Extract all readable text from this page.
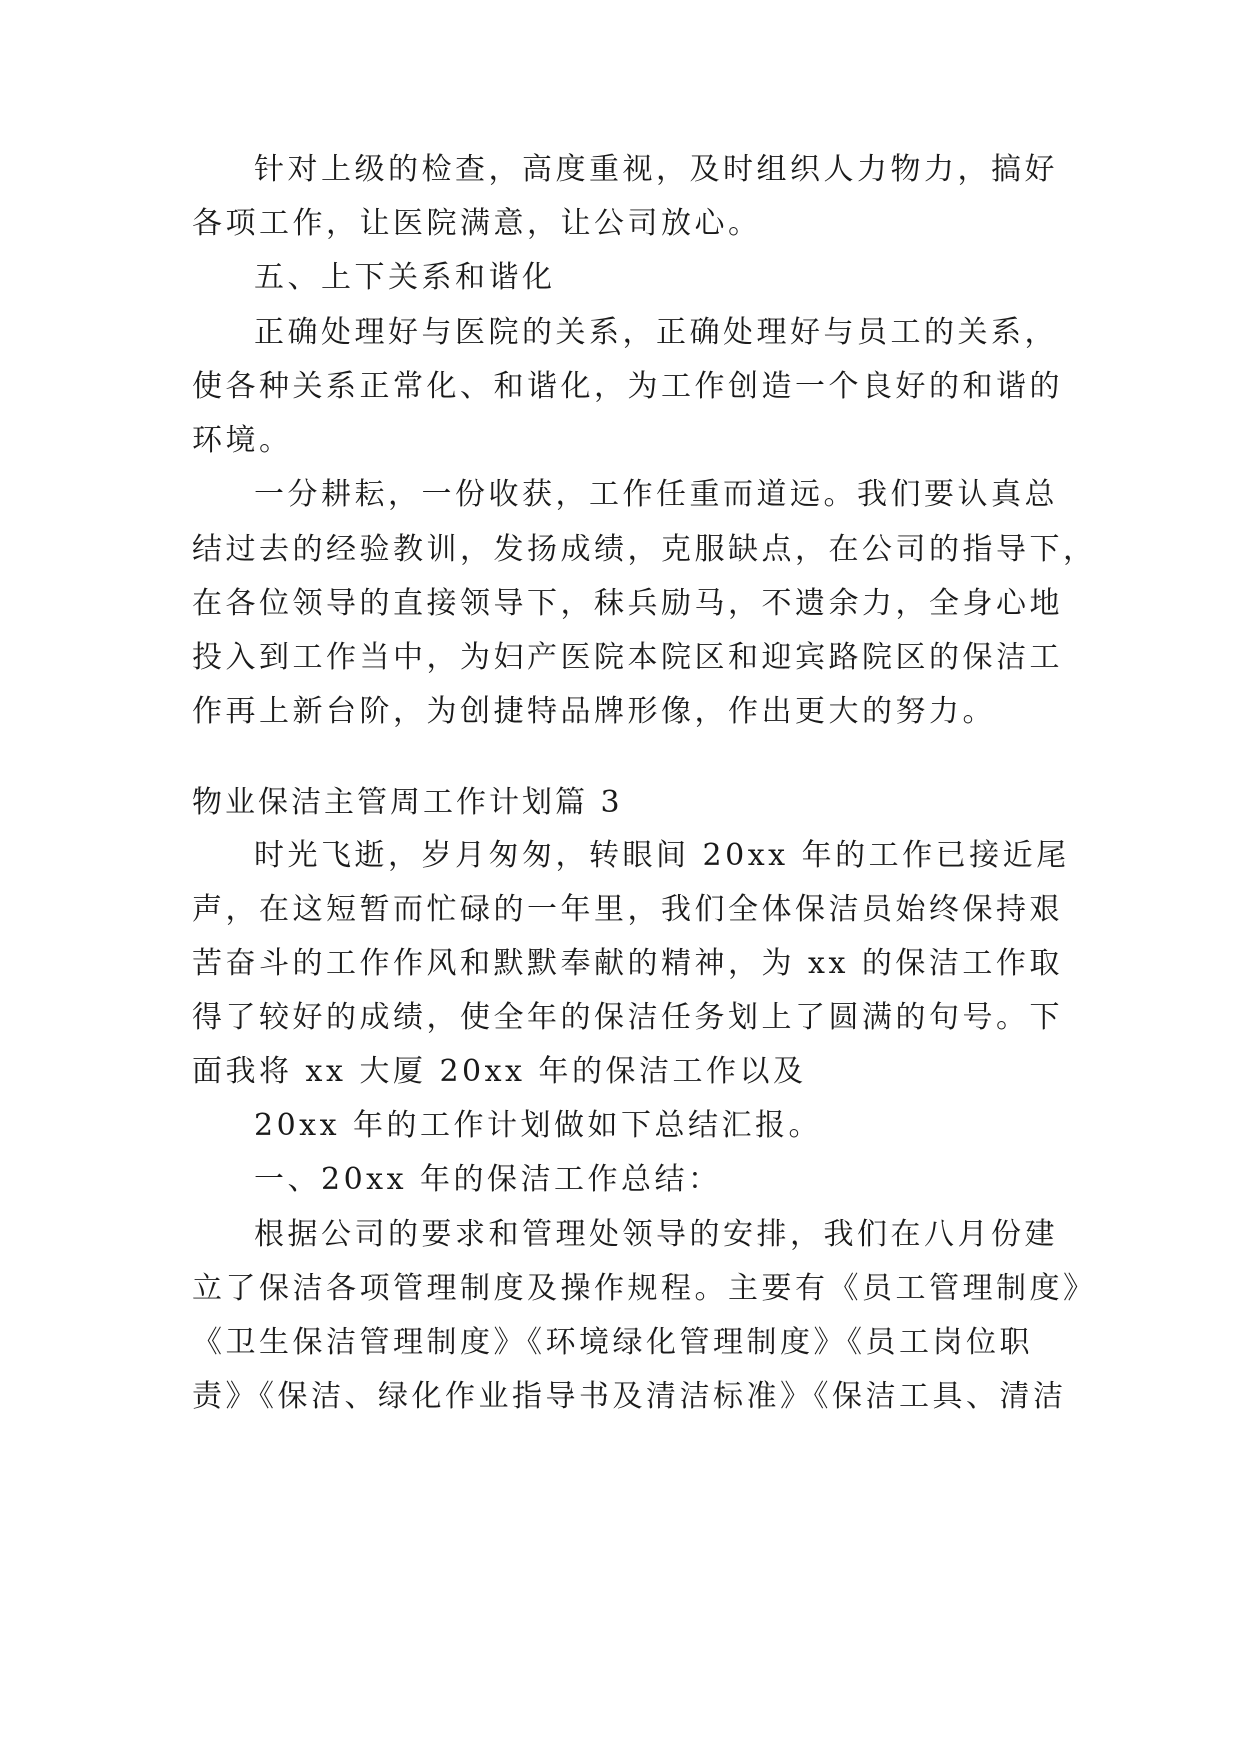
针对上级的检查，高度重视，及时组织人力物力，搞好
各项工作，让医院满意，让公司放心。
五、上下关系和谐化
正确处理好与医院的关系，正确处理好与员工的关系，
使各种关系正常化、和谐化，为工作创造一个良好的和谐的
环境。
一分耕耘，一份收获，工作任重而道远。我们要认真总
结过去的经验教训，发扬成绩，克服缺点，在公司的指导下，
在各位领导的直接领导下，秣兵励马，不遗余力，全身心地
投入到工作当中，为妇产医院本院区和迎宾路院区的保洁工
作再上新台阶，为创捷特品牌形像，作出更大的努力。
物业保洁主管周工作计划篇 3
时光飞逝，岁月匆匆，转眼间 20xx 年的工作已接近尾
声，在这短暂而忙碌的一年里，我们全体保洁员始终保持艰
苦奋斗的工作作风和默默奉献的精神，为 xx 的保洁工作取
得了较好的成绩，使全年的保洁任务划上了圆满的句号。下
面我将 xx 大厦 20xx 年的保洁工作以及
20xx 年的工作计划做如下总结汇报。
一、20xx 年的保洁工作总结：
根据公司的要求和管理处领导的安排，我们在八月份建
立了保洁各项管理制度及操作规程。主要有《员工管理制度》
《卫生保洁管理制度》《环境绿化管理制度》《员工岗位职
责》《保洁、绿化作业指导书及清洁标准》《保洁工具、清洁
